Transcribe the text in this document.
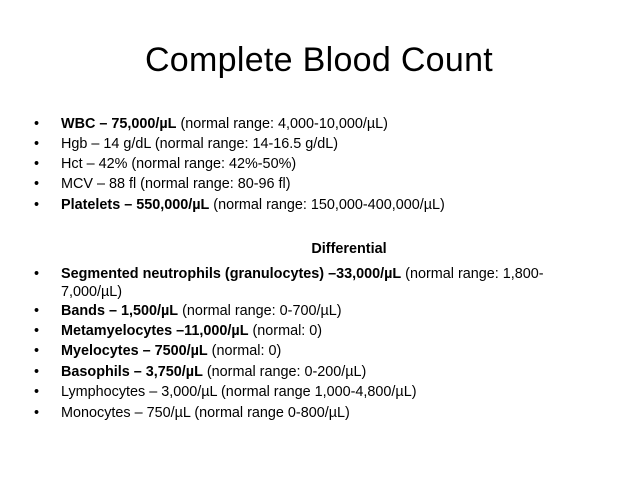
Complete Blood Count
•	WBC – 75,000/µL (normal range: 4,000-10,000/µL)
•	Hgb – 14 g/dL (normal range: 14-16.5 g/dL)
•	Hct – 42% (normal range: 42%-50%)
•	MCV – 88 fl (normal range: 80-96 fl)
•	Platelets – 550,000/µL (normal range: 150,000-400,000/µL)
Differential
•	Segmented neutrophils (granulocytes) –33,000/µL (normal range: 1,800-
7,000/µL)
•	Bands – 1,500/µL (normal range: 0-700/µL)
•	Metamyelocytes –11,000/µL (normal: 0)
•	Myelocytes – 7500/µL (normal: 0)
•	Basophils – 3,750/µL (normal range: 0-200/µL)
•	Lymphocytes – 3,000/µL (normal range 1,000-4,800/µL)
•	Monocytes – 750/µL (normal range 0-800/µL)
